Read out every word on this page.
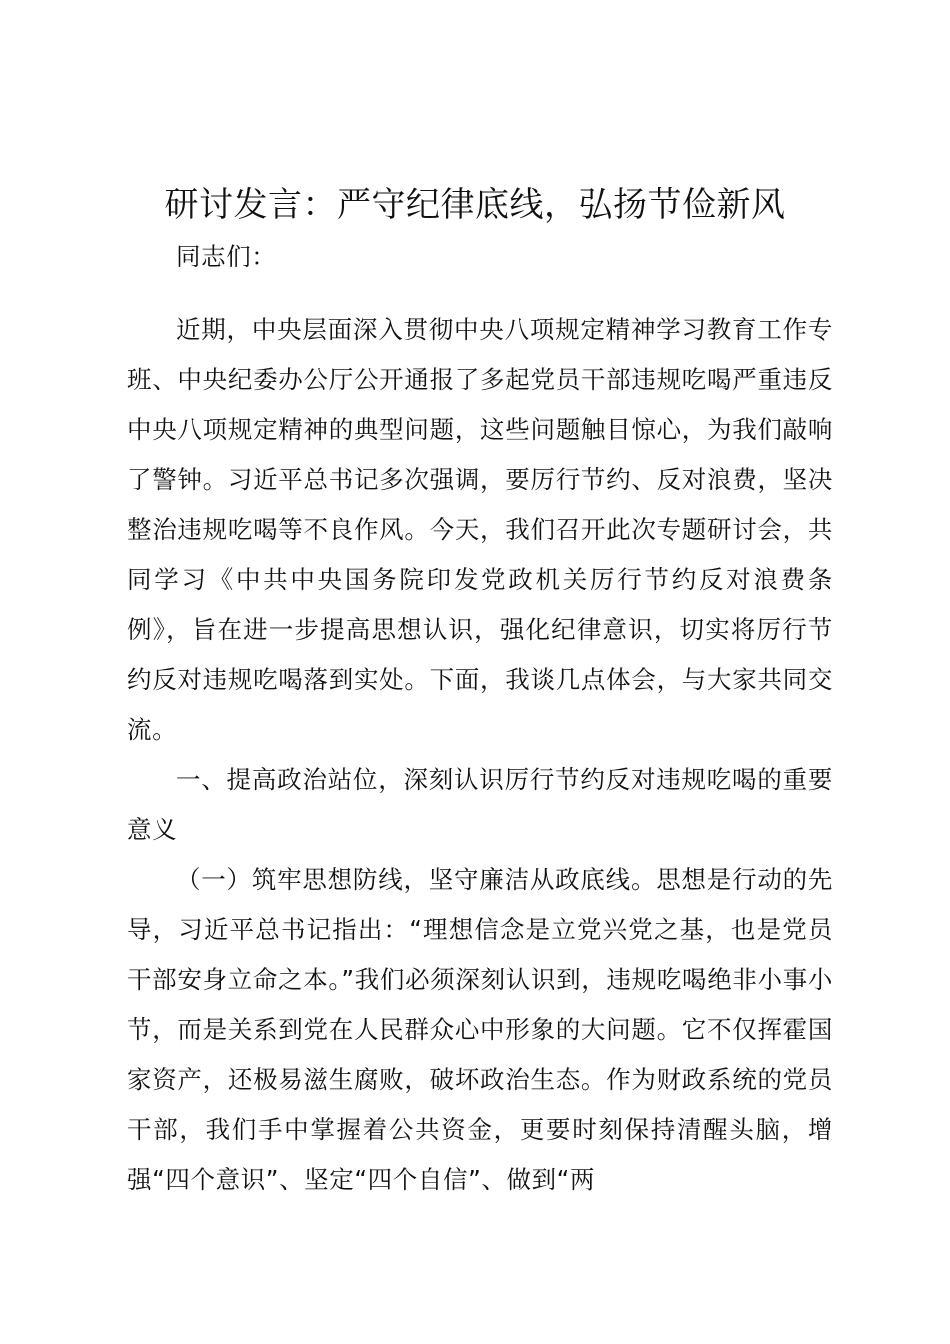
研讨发言：严守纪律底线，弘扬节俭新风

同志们：

近期，中央层面深入贯彻中央八项规定精神学习教育工作专班、中央纪委办公厅公开通报了多起党员干部违规吃喝严重违反中央八项规定精神的典型问题，这些问题触目惊心，为我们敲响了警钟。习近平总书记多次强调，要厉行节约、反对浪费，坚决整治违规吃喝等不良作风。今天，我们召开此次专题研讨会，共同学习《中共中央国务院印发党政机关厉行节约反对浪费条例》，旨在进一步提高思想认识，强化纪律意识，切实将厉行节约反对违规吃喝落到实处。下面，我谈几点体会，与大家共同交流。

一、提高政治站位，深刻认识厉行节约反对违规吃喝的重要意义

（一）筑牢思想防线，坚守廉洁从政底线。思想是行动的先导，习近平总书记指出：“理想信念是立党兴党之基，也是党员干部安身立命之本。”我们必须深刻认识到，违规吃喝绝非小事小节，而是关系到党在人民群众心中形象的大问题。它不仅挥霍国家资产，还极易滋生腐败，破坏政治生态。作为财政系统的党员干部，我们手中掌握着公共资金，更要时刻保持清醒头脑，增强“四个意识”、坚定“四个自信”、做到“两
